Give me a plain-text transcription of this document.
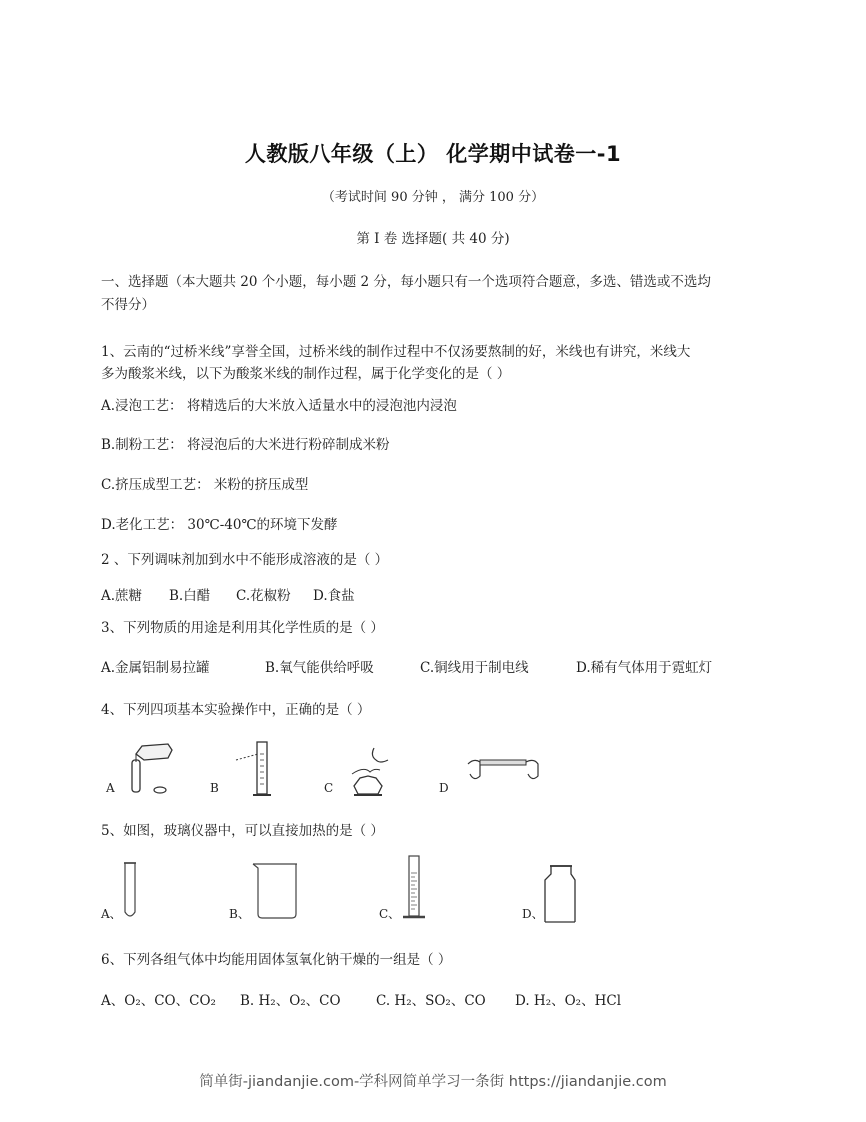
人教版八年级（上） 化学期中试卷一-1
（考试时间 90 分钟 ， 满分 100 分）
第 I 卷 选择题( 共 40 分)
一、选择题（本大题共 20 个小题，每小题 2 分，每小题只有一个选项符合题意，多选、错选或不选均
不得分）
1、云南的“过桥米线”享誉全国，过桥米线的制作过程中不仅汤要熬制的好，米线也有讲究，米线大
多为酸浆米线，以下为酸浆米线的制作过程，属于化学变化的是（ ）
A.浸泡工艺： 将精选后的大米放入适量水中的浸泡池内浸泡
B.制粉工艺： 将浸泡后的大米进行粉碎制成米粉
C.挤压成型工艺： 米粉的挤压成型
D.老化工艺： 30℃-40℃的环境下发酵
2 、下列调味剂加到水中不能形成溶液的是（ ）
A.蔗糖 B.白醋 C.花椒粉 D.食盐
3、下列物质的用途是利用其化学性质的是（ ）
A.金属铝制易拉罐	B.氧气能供给呼吸	C.铜线用于制电线	D.稀有气体用于霓虹灯
4、下列四项基本实验操作中，正确的是（ ）
A	B	C	D
5、如图，玻璃仪器中，可以直接加热的是（ ）
A、	B、	C、	D、
6、下列各组气体中均能用固体氢氧化钠干燥的一组是（ ）
A、O₂、CO、CO₂ B. H₂、O₂、CO	C. H₂、SO₂、CO D. H₂、O₂、HCl
简单街-jiandanjie.com-学科网简单学习一条街 https://jiandanjie.com
